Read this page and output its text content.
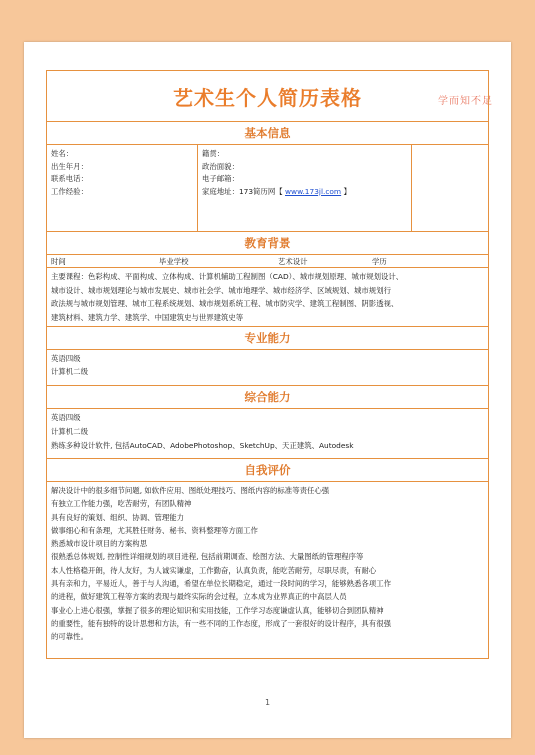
学而知不足
艺术生个人简历表格
基本信息
姓名：
出生年月：
联系电话：
工作经验：
籍贯：
政治面貌：
电子邮箱：
家庭地址：173简历网【 www.173jl.com 】
教育背景
时间	毕业学校	艺术设计	学历
主要课程：色彩构成、平面构成、立体构成、计算机辅助工程制图（CAD）、城市规划原理、城市规划设计、
城市设计、城市规划理论与城市发展史、城市社会学、城市地理学、城市经济学、区域规划、城市规划行
政法规与城市规划管理、城市工程系统规划、城市规划系统工程、城市防灾学、建筑工程制图、阴影透视、
建筑材料、建筑力学、建筑学、中国建筑史与世界建筑史等
专业能力
英语四级
计算机二级
综合能力
英语四级
计算机二级
熟练多种设计软件, 包括AutoCAD、AdobePhotoshop、SketchUp、天正建筑、Autodesk
自我评价
解决设计中的很多细节问题, 如软件应用、图纸处理技巧、图纸内容的标准等责任心强
有独立工作能力强，吃苦耐劳，有团队精神
具有良好的策划、组织、协调、管理能力
做事细心和有条理，尤其胜任财务、秘书、资料整理等方面工作
熟悉城市设计项目的方案构思
很熟悉总体规划, 控制性详细规划的项目进程, 包括前期调查、绘图方法、大量图纸的管理程序等
本人性格稳开朗，待人友好，为人诚实谦虚，工作勤奋，认真负责，能吃苦耐劳，尽职尽责，有耐心
具有亲和力，平易近人，善于与人沟通，希望在单位长期稳定，通过一段时间的学习，能够熟悉各项工作
的进程，做好建筑工程等方案的表现与最终实际的会过程，立本成为业界真正的中高层人员
事业心上进心很强，掌握了很多的理论知识和实用技能，工作学习态度谦虚认真，能够切合到团队精神
的重要性，能有独特的设计思想和方法，有一些不同的工作态度，形成了一套很好的设计程序，具有很强
的可靠性。
1
